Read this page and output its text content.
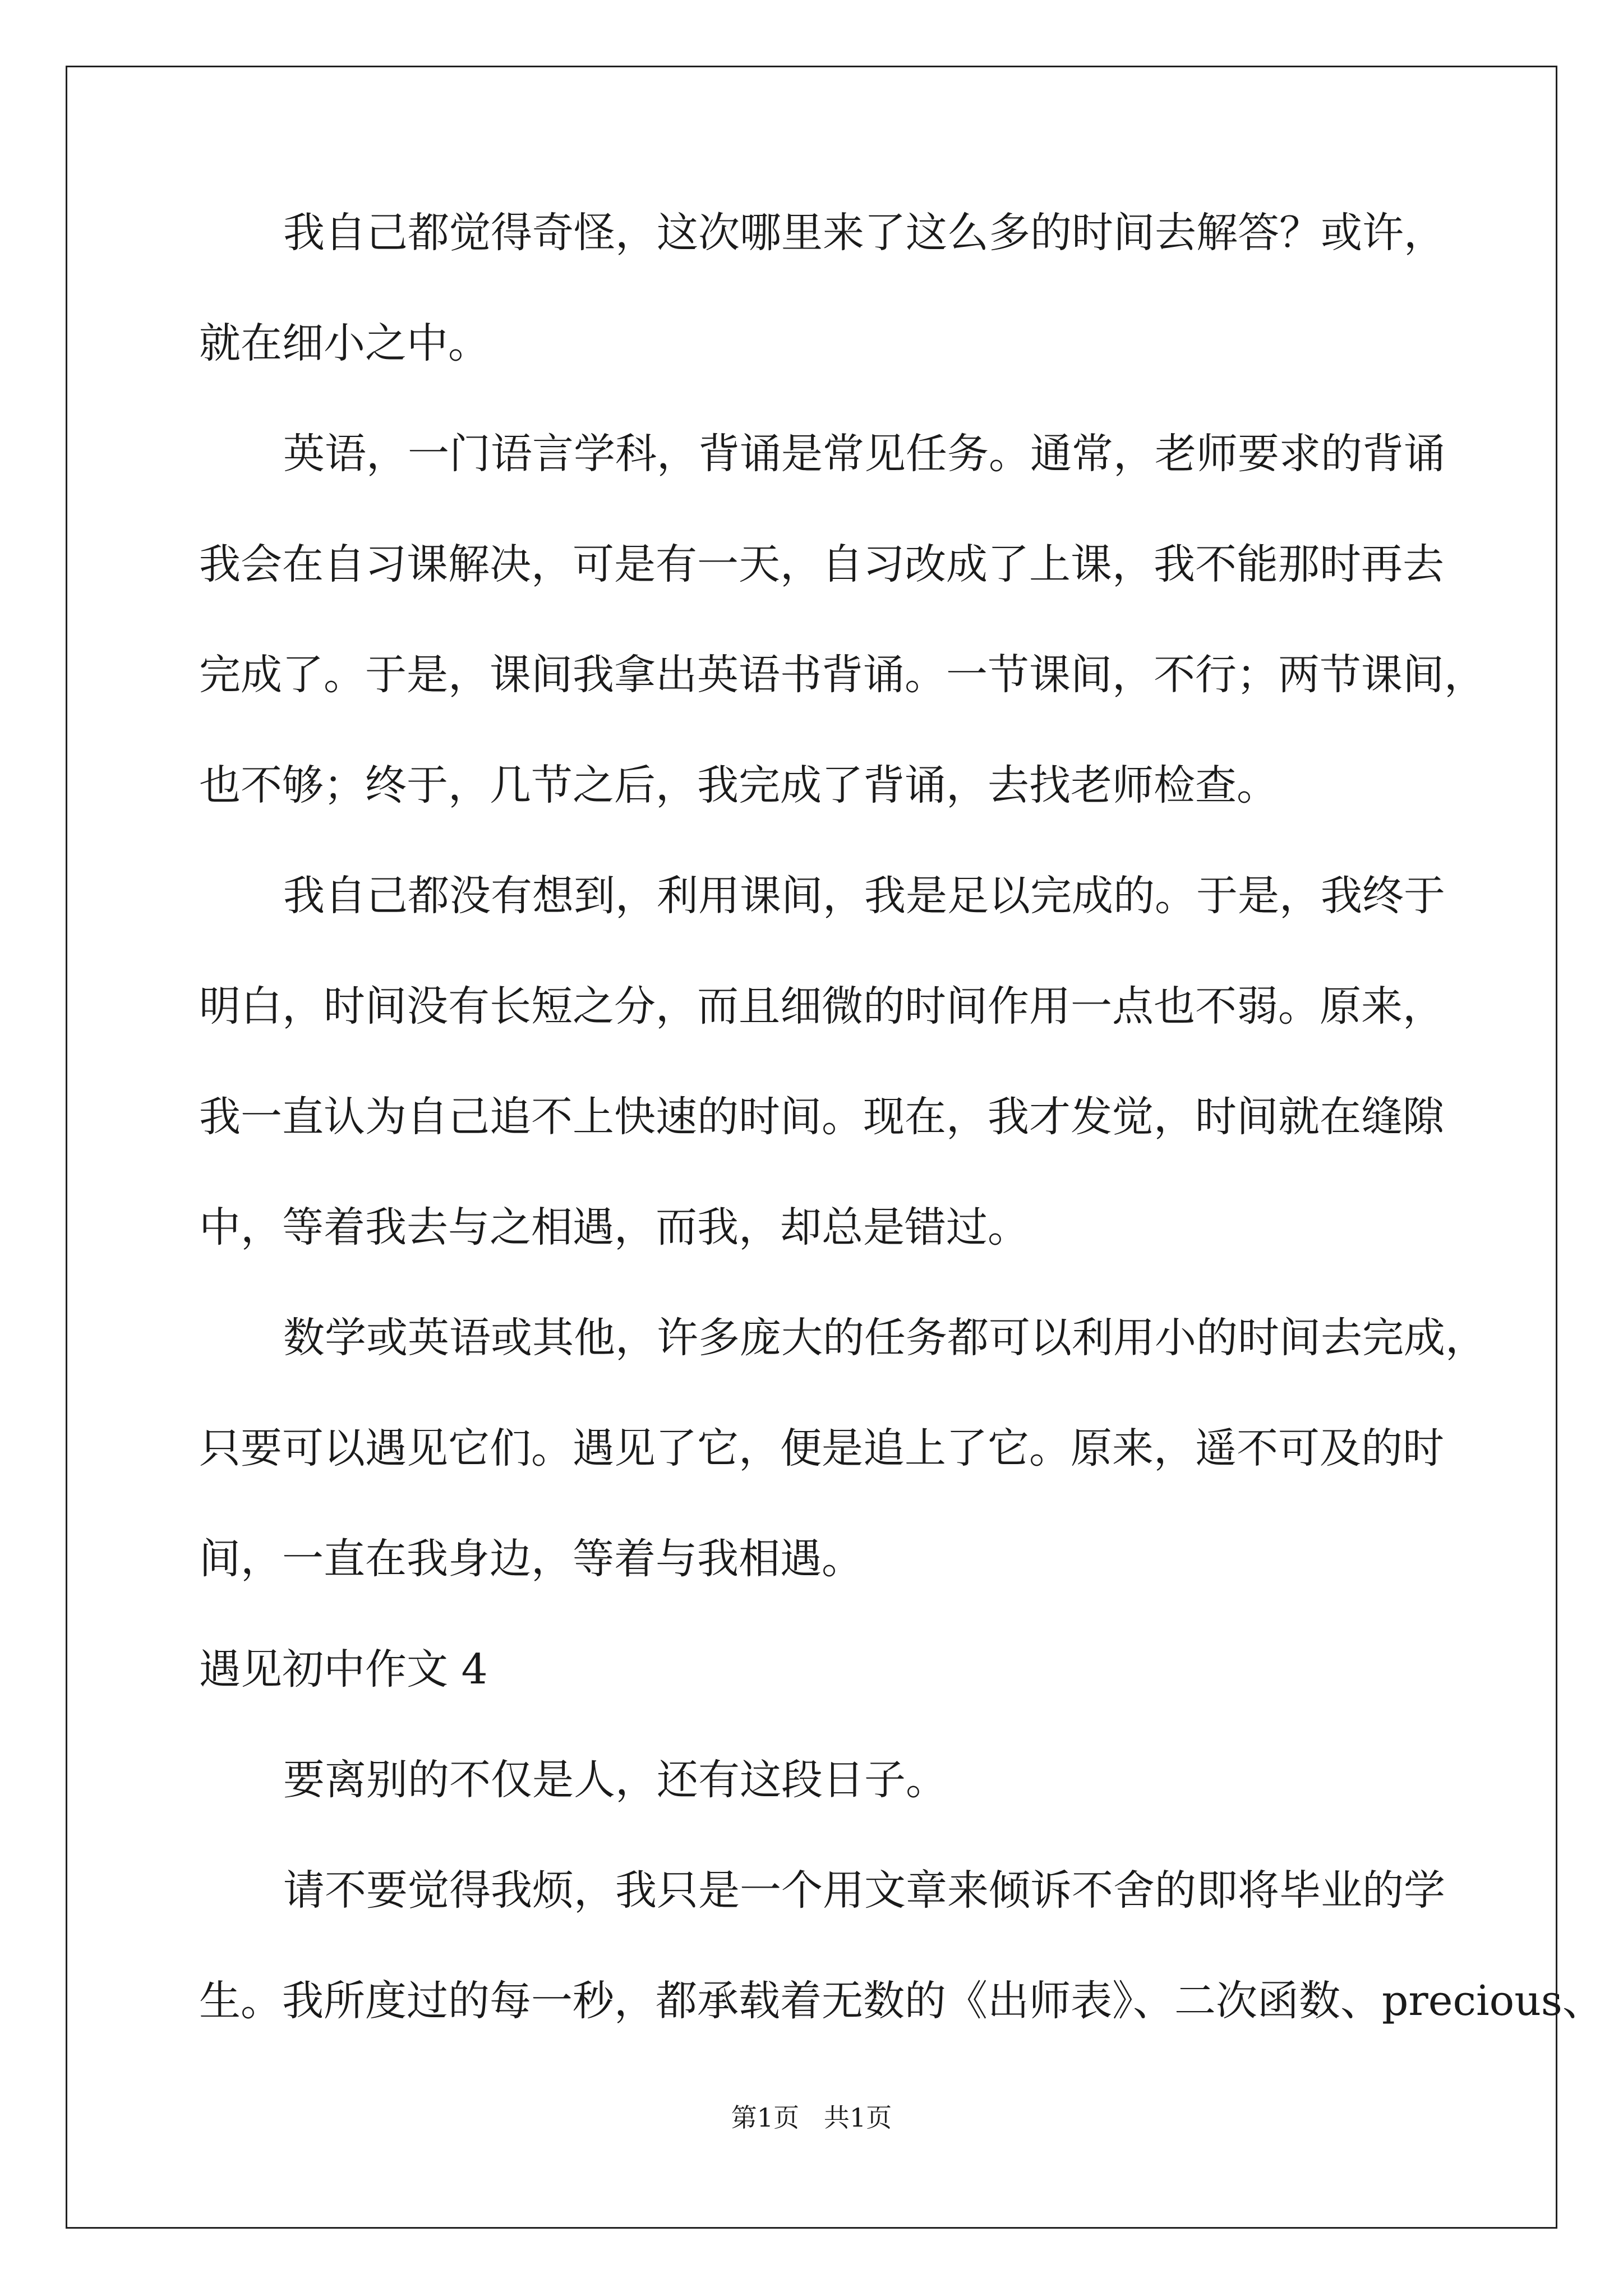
我自己都觉得奇怪，这次哪里来了这么多的时间去解答？或许，

就在细小之中。

英语，一门语言学科，背诵是常见任务。通常，老师要求的背诵

我会在自习课解决，可是有一天，自习改成了上课，我不能那时再去

完成了。于是，课间我拿出英语书背诵。一节课间，不行；两节课间，

也不够；终于，几节之后，我完成了背诵，去找老师检查。

我自己都没有想到，利用课间，我是足以完成的。于是，我终于

明白，时间没有长短之分，而且细微的时间作用一点也不弱。原来，

我一直认为自己追不上快速的时间。现在，我才发觉，时间就在缝隙

中，等着我去与之相遇，而我，却总是错过。

数学或英语或其他，许多庞大的任务都可以利用小的时间去完成，

只要可以遇见它们。遇见了它，便是追上了它。原来，遥不可及的时

间，一直在我身边，等着与我相遇。

遇见初中作文 4

要离别的不仅是人，还有这段日子。

请不要觉得我烦，我只是一个用文章来倾诉不舍的即将毕业的学

生。我所度过的每一秒，都承载着无数的《出师表》、二次函数、precious、

第1页   共1页
